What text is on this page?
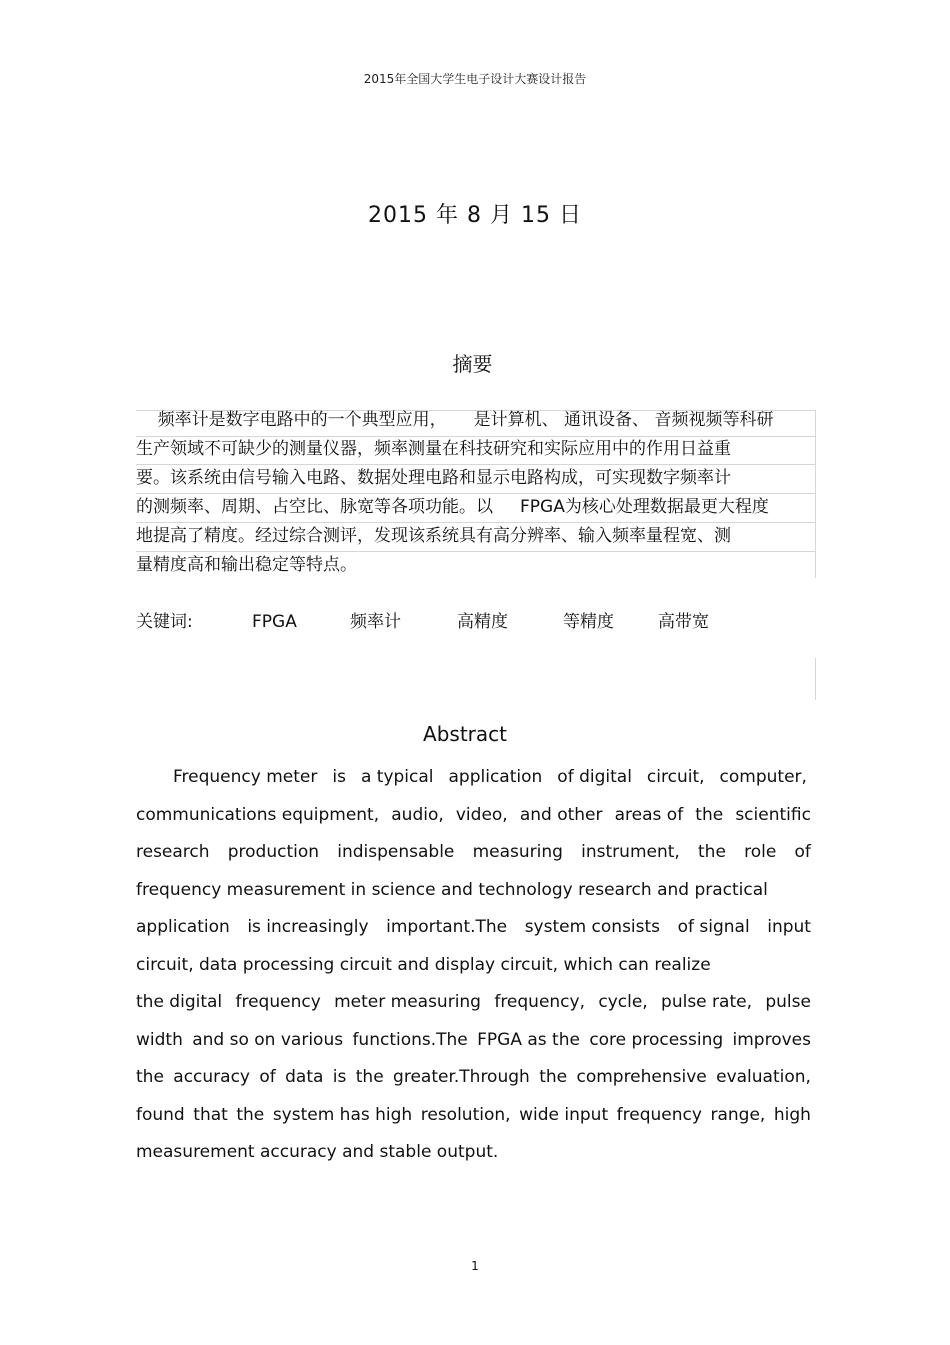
2015年全国大学生电子设计大赛设计报告
2015 年 8 月 15 日
摘要
频率计是数字电路中的一个典型应用，     是计算机、 通讯设备、 音频视频等科研
生产领域不可缺少的测量仪器，频率测量在科技研究和实际应用中的作用日益重
要。该系统由信号输入电路、数据处理电路和显示电路构成，可实现数字频率计
的测频率、周期、占空比、脉宽等各项功能。以     FPGA为核心处理数据最更大程度
地提高了精度。经过综合测评，发现该系统具有高分辨率、输入频率量程宽、测
量精度高和输出稳定等特点。
关键词:	FPGA	频率计	高精度	等精度	高带宽
Abstract
Frequency meter is a typical application of digital circuit, computer,
communications equipment, audio, video, and other areas of the scientific
research production indispensable measuring instrument, the role of
frequency measurement in science and technology research and practical
application is increasingly important.The system consists of signal input
circuit, data processing circuit and display circuit, which can realize
the digital frequency meter measuring frequency, cycle, pulse rate, pulse
width and so on various functions.The FPGA as the core processing improves
the accuracy of data is the greater.Through the comprehensive evaluation,
found that the system has high resolution, wide input frequency range, high
measurement accuracy and stable output.
1
